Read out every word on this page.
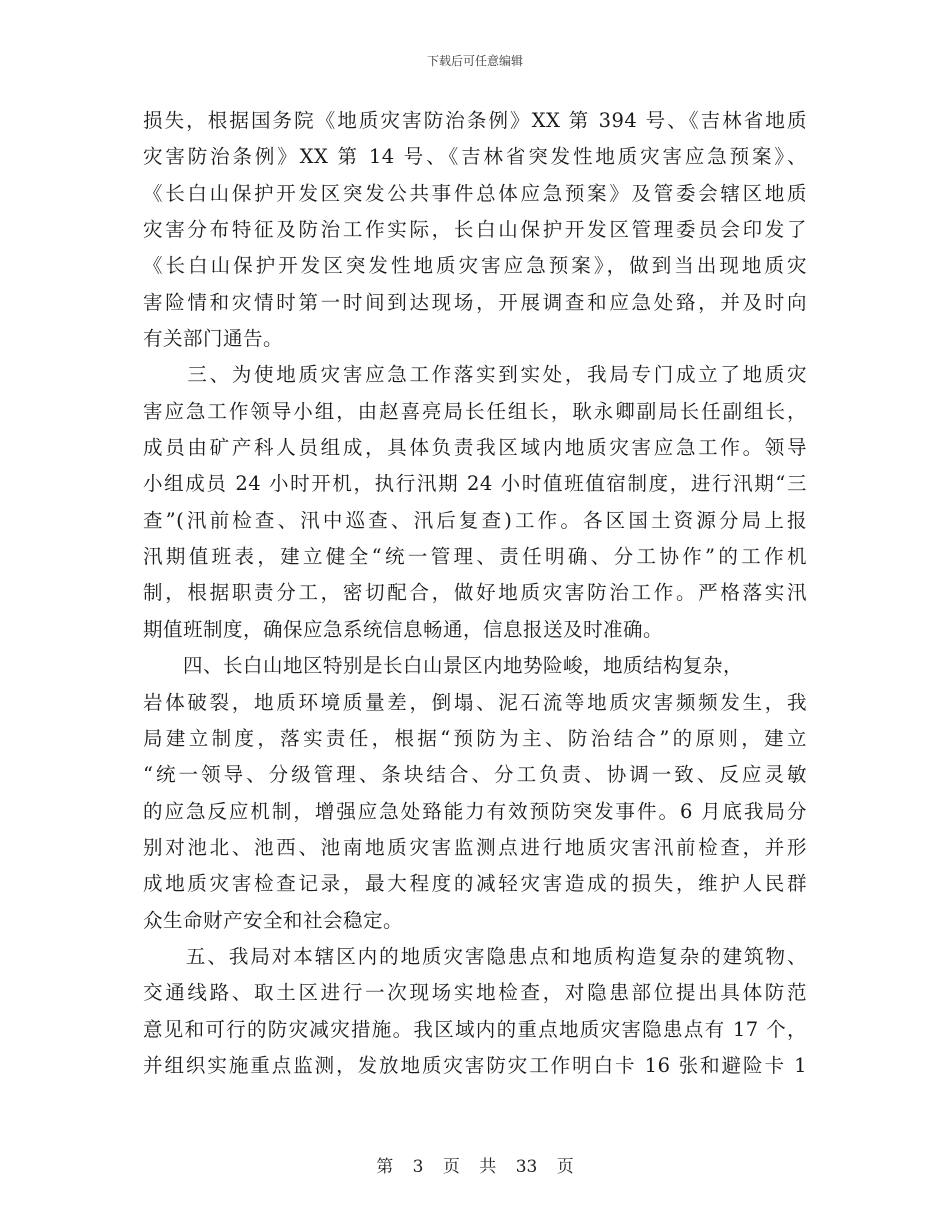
下载后可任意编辑
损失，根据国务院《地质灾害防治条例》XX 第 394 号、《吉林省地质
灾害防治条例》XX 第 14 号、《吉林省突发性地质灾害应急预案》、
《长白山保护开发区突发公共事件总体应急预案》及管委会辖区地质
灾害分布特征及防治工作实际，长白山保护开发区管理委员会印发了
《长白山保护开发区突发性地质灾害应急预案》，做到当出现地质灾
害险情和灾情时第一时间到达现场，开展调查和应急处臵，并及时向
有关部门通告。
　　三、为使地质灾害应急工作落实到实处，我局专门成立了地质灾
害应急工作领导小组，由赵喜亮局长任组长，耿永卿副局长任副组长，
成员由矿产科人员组成，具体负责我区域内地质灾害应急工作。领导
小组成员 24 小时开机，执行汛期 24 小时值班值宿制度，进行汛期“三
查”(汛前检查、汛中巡查、汛后复查)工作。各区国土资源分局上报
汛期值班表，建立健全“统一管理、责任明确、分工协作”的工作机
制，根据职责分工，密切配合，做好地质灾害防治工作。严格落实汛
期值班制度，确保应急系统信息畅通，信息报送及时准确。
　　四、长白山地区特别是长白山景区内地势险峻，地质结构复杂，
岩体破裂，地质环境质量差，倒塌、泥石流等地质灾害频频发生，我
局建立制度，落实责任，根据“预防为主、防治结合”的原则，建立
“统一领导、分级管理、条块结合、分工负责、协调一致、反应灵敏
的应急反应机制，增强应急处臵能力有效预防突发事件。6 月底我局分
别对池北、池西、池南地质灾害监测点进行地质灾害汛前检查，并形
成地质灾害检查记录，最大程度的减轻灾害造成的损失，维护人民群
众生命财产安全和社会稳定。
　　五、我局对本辖区内的地质灾害隐患点和地质构造复杂的建筑物、
交通线路、取土区进行一次现场实地检查，对隐患部位提出具体防范
意见和可行的防灾减灾措施。我区域内的重点地质灾害隐患点有 17 个，
并组织实施重点监测，发放地质灾害防灾工作明白卡 16 张和避险卡 1
第 3 页 共 33 页
